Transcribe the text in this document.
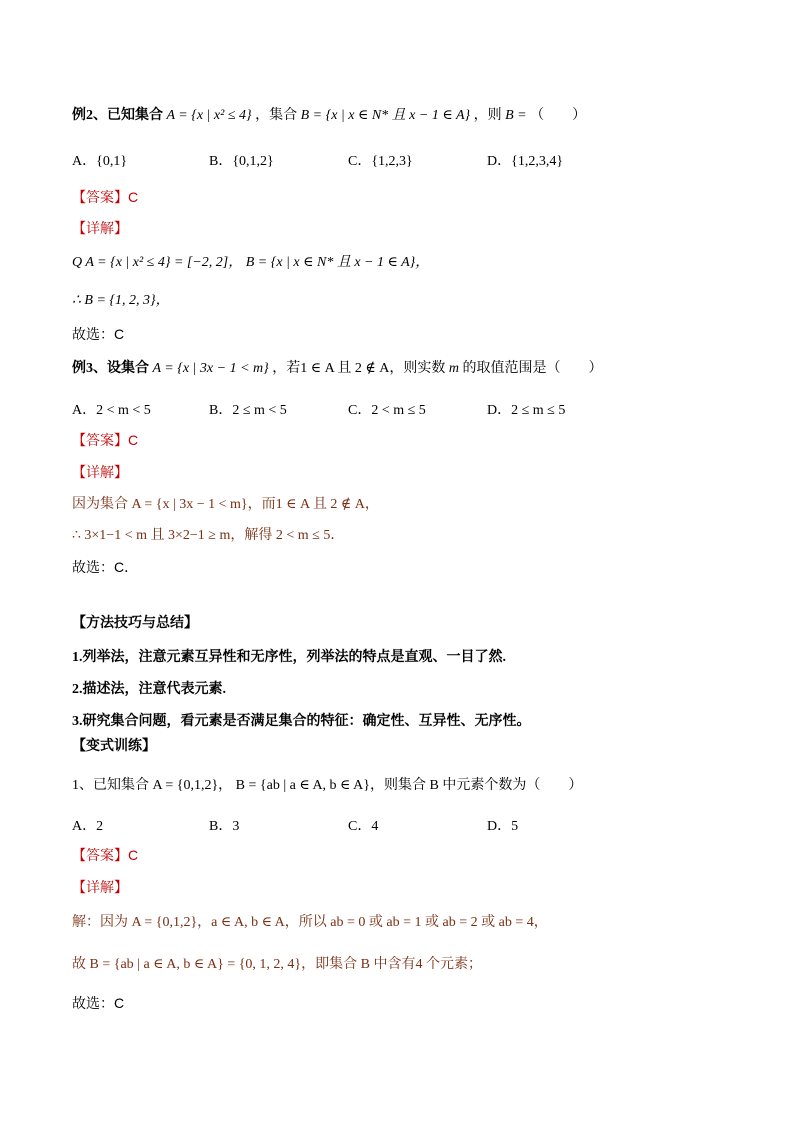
例2、已知集合 A = {x | x² ≤ 4} ，集合 B = {x | x ∈ N* 且 x − 1 ∈ A} ，则 B = （　　）
A．{0,1}	B．{0,1,2}	C．{1,2,3}	D．{1,2,3,4}
【答案】C
【详解】
Q A = {x | x² ≤ 4} = [−2, 2]， B = {x | x ∈ N* 且 x − 1 ∈ A}，
∴ B = {1, 2, 3}，
故选：C
例3、设集合 A = {x | 3x − 1 < m} ，若1 ∈ A 且 2 ∉ A，则实数 m 的取值范围是（　　）
A．2 < m < 5	B．2 ≤ m < 5	C．2 < m ≤ 5	D．2 ≤ m ≤ 5
【答案】C
【详解】
因为集合 A = {x | 3x − 1 < m}，而1 ∈ A 且 2 ∉ A，
∴ 3×1−1 < m 且 3×2−1 ≥ m，解得 2 < m ≤ 5．
故选：C．
【方法技巧与总结】
1.列举法，注意元素互异性和无序性，列举法的特点是直观、一目了然.
2.描述法，注意代表元素.
3.研究集合问题，看元素是否满足集合的特征：确定性、互异性、无序性。
【变式训练】
1、已知集合 A = {0,1,2}， B = {ab | a ∈ A, b ∈ A}，则集合 B 中元素个数为（　　）
A．2	B．3	C．4	D．5
【答案】C
【详解】
解：因为 A = {0,1,2}，a ∈ A, b ∈ A，所以 ab = 0 或 ab = 1 或 ab = 2 或 ab = 4，
故 B = {ab | a ∈ A, b ∈ A} = {0, 1, 2, 4}，即集合 B 中含有4 个元素；
故选：C
